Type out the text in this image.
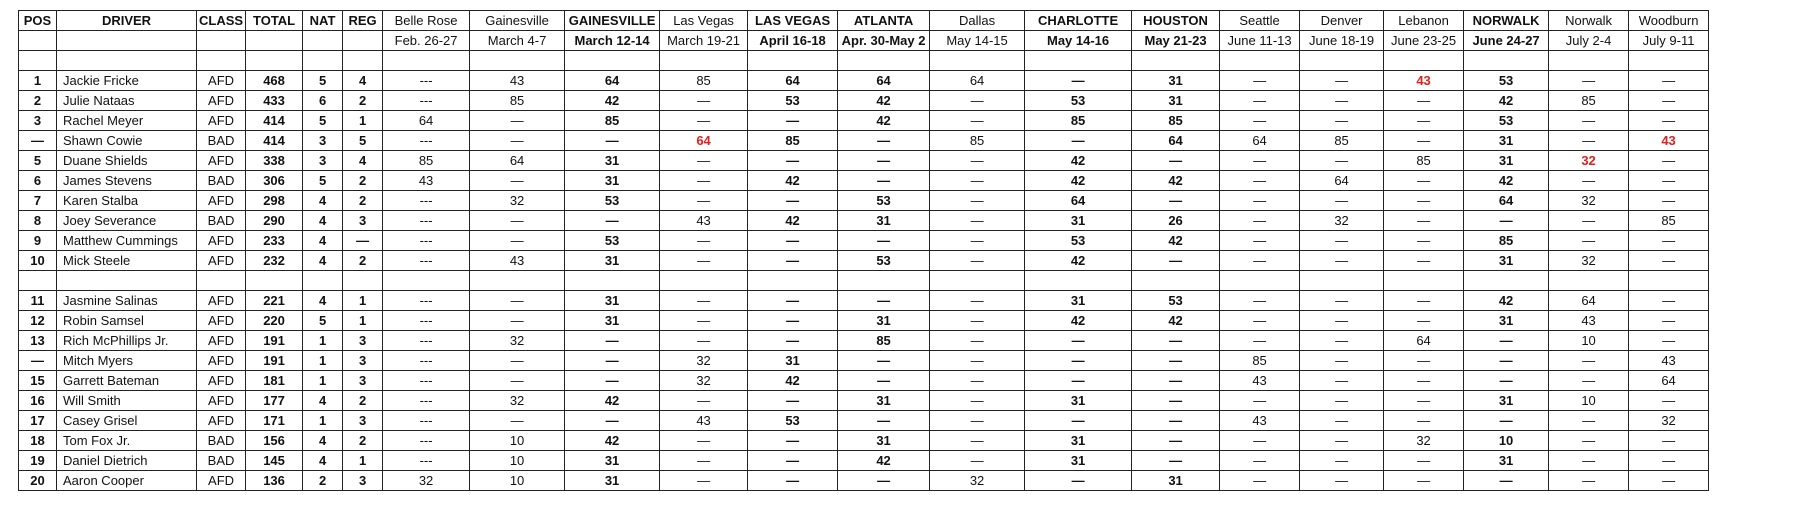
POS	DRIVER	CLASS	TOTAL	NAT	REG	Belle Rose	Gainesville	GAINESVILLE	Las Vegas	LAS VEGAS	ATLANTA	Dallas	CHARLOTTE	HOUSTON	Seattle	Denver	Lebanon	NORWALK	Norwalk	Woodburn
						Feb. 26-27	March 4-7	March 12-14	March 19-21	April 16-18	Apr. 30-May 2	May 14-15	May 14-16	May 21-23	June 11-13	June 18-19	June 23-25	June 24-27	July 2-4	July 9-11

1	Jackie Fricke	AFD	468	5	4	---	43	64	85	64	64	64	—	31	—	—	43	53	—	—
2	Julie Nataas	AFD	433	6	2	---	85	42	—	53	42	—	53	31	—	—	—	42	85	—
3	Rachel Meyer	AFD	414	5	1	64	—	85	—	—	42	—	85	85	—	—	—	53	—	—
—	Shawn Cowie	BAD	414	3	5	---	—	—	64	85	—	85	—	64	64	85	—	31	—	43
5	Duane Shields	AFD	338	3	4	85	64	31	—	—	—	—	42	—	—	—	85	31	32	—
6	James Stevens	BAD	306	5	2	43	—	31	—	42	—	—	42	42	—	64	—	42	—	—
7	Karen Stalba	AFD	298	4	2	---	32	53	—	—	53	—	64	—	—	—	—	64	32	—
8	Joey Severance	BAD	290	4	3	---	—	—	43	42	31	—	31	26	—	32	—	—	—	85
9	Matthew Cummings	AFD	233	4	—	---	—	53	—	—	—	—	53	42	—	—	—	85	—	—
10	Mick Steele	AFD	232	4	2	---	43	31	—	—	53	—	42	—	—	—	—	31	32	—

11	Jasmine Salinas	AFD	221	4	1	---	—	31	—	—	—	—	31	53	—	—	—	42	64	—
12	Robin Samsel	AFD	220	5	1	---	—	31	—	—	31	—	42	42	—	—	—	31	43	—
13	Rich McPhillips Jr.	AFD	191	1	3	---	32	—	—	—	85	—	—	—	—	—	64	—	10	—
—	Mitch Myers	AFD	191	1	3	---	—	—	32	31	—	—	—	—	85	—	—	—	—	43
15	Garrett Bateman	AFD	181	1	3	---	—	—	32	42	—	—	—	—	43	—	—	—	—	64
16	Will Smith	AFD	177	4	2	---	32	42	—	—	31	—	31	—	—	—	—	31	10	—
17	Casey Grisel	AFD	171	1	3	---	—	—	43	53	—	—	—	—	43	—	—	—	—	32
18	Tom Fox Jr.	BAD	156	4	2	---	10	42	—	—	31	—	31	—	—	—	32	10	—	—
19	Daniel Dietrich	BAD	145	4	1	---	10	31	—	—	42	—	31	—	—	—	—	31	—	—
20	Aaron Cooper	AFD	136	2	3	32	10	31	—	—	—	32	—	31	—	—	—	—	—	—
